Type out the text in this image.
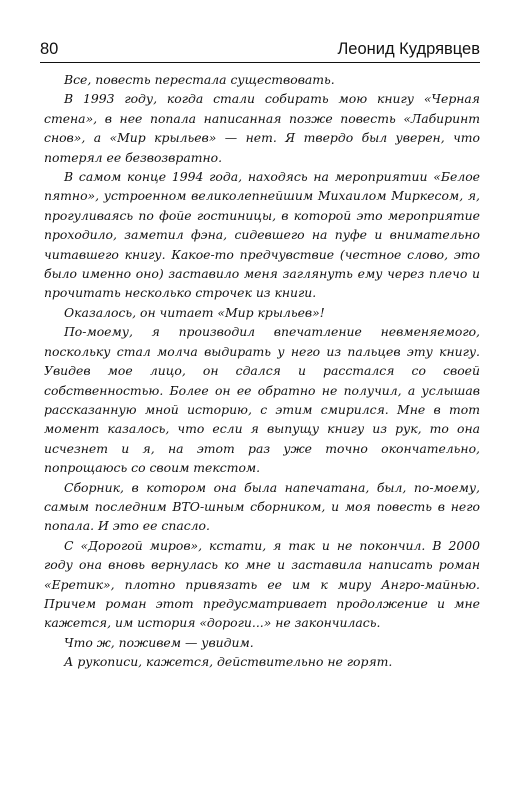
80	Леонид Кудрявцев

Все, повесть перестала существовать.

В 1993 году, когда стали собирать мою книгу «Черная стена», в нее попала написанная позже повесть «Лабиринт снов», а «Мир крыльев» — нет. Я твердо был уверен, что потерял ее безвозвратно.

В самом конце 1994 года, находясь на мероприятии «Белое пятно», устроенном великолепнейшим Михаилом Миркесом, я, прогуливаясь по фойе гостиницы, в которой это мероприятие проходило, заметил фэна, сидевшего на пуфе и внимательно читавшего книгу. Какое-то предчувствие (честное слово, это было именно оно) заставило меня заглянуть ему через плечо и прочитать несколько строчек из книги.

Оказалось, он читает «Мир крыльев»!

По-моему, я производил впечатление невменяемого, поскольку стал молча выдирать у него из пальцев эту книгу. Увидев мое лицо, он сдался и расстался со своей собственностью. Более он ее обратно не получил, а услышав рассказанную мной историю, с этим смирился. Мне в тот момент казалось, что если я выпущу книгу из рук, то она исчезнет и я, на этот раз уже точно окончательно, попрощаюсь со своим текстом.

Сборник, в котором она была напечатана, был, по-моему, самым последним ВТО-шным сборником, и моя повесть в него попала. И это ее спасло.

С «Дорогой миров», кстати, я так и не покончил. В 2000 году она вновь вернулась ко мне и заставила написать роман «Еретик», плотно привязать ее им к миру Ангро-майнью. Причем роман этот предусматривает продолжение и мне кажется, им история «дороги...» не закончилась.

Что ж, поживем — увидим.

А рукописи, кажется, действительно не горят.
